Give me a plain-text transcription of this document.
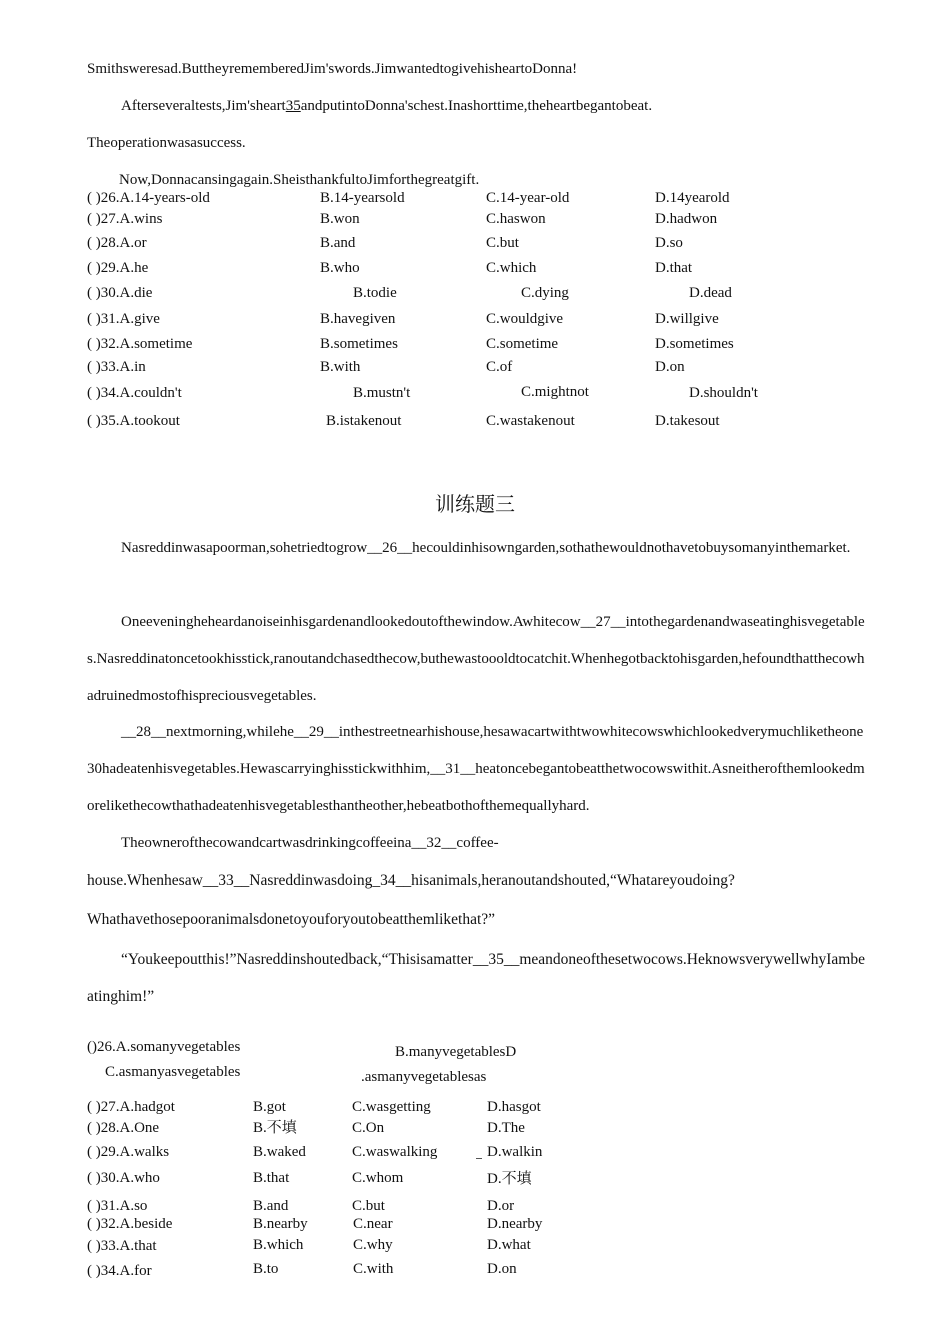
Smithsweresad.ButtheyrememberedJim'swords.JimwantedtogivehisheartoDonna!
Afterseveraltests,Jim'sheart35andputintoDonna'schest.Inashorttime,theheartbegantobeat.
Theoperationwasasuccess.
Now,Donnacansingagain.SheisthankfultoJimforthegreatgift.
( )26.A.14-years-old	B.14-yearsold	C.14-year-old	D.14yearold
( )27.A.wins	B.won	C.haswon	D.hadwon
( )28.A.or	B.and	C.but	D.so
( )29.A.he	B.who	C.which	D.that
( )30.A.die	B.todie	C.dying	D.dead
( )31.A.give	B.havegiven	C.wouldgive	D.willgive
( )32.A.sometime	B.sometimes	C.sometime	D.sometimes
( )33.A.in	B.with	C.of	D.on
( )34.A.couldn't	B.mustn't	C.mightnot	D.shouldn't
( )35.A.tookout	B.istakenout	C.wastakenout	D.takesout
训练题三
Nasreddinwasapoorman,sohetriedtogrow__26__hecouldinhisowngarden,sothathewouldnothavetobuysomanyinthemarket.
Oneeveningheheardanoiseinhisgardenandlookedoutofthewindow.Awhitecow__27__intothegardenandwaseatinghisvegetables.Nasreddinatoncetookhisstick,ranoutandchasedthecow,buthewastoooldtocatchit.Whenhegotbacktohisgarden,hefoundthatthecowhadruinedmostofhispreciousvegetables.
__28__nextmorning,whilehe__29__inthestreetnearhishouse,hesawacartwithtwowhitecowswhichlookedverymuchliketheone30hadeatenhisvegetables.Hewascarryinghisstickwithhim,__31__heatoncebegantobeatthetwocowswithit.Asneitherofthemlookedmorelikethecowthathadeatenhisvegetablesthantheother,hebeatbothofthemequallyhard.
Theownerofthecowandcartwasdrinkingcoffeeina__32__coffee-
house.Whenhesaw__33__Nasreddinwasdoing_34__hisanimals,heranoutandshouted,“Whatareyoudoing?
Whathavethosepooranimalsdonetoyouforyoutobeatthemlikethat?”
“Youkeepoutthis!”Nasreddinshoutedback,“Thisisamatter__35__meandoneofthesetwocows.HeknowsverywellwhyIambeatinghim!”
()26.A.somanyvegetables	B.manyvegetablesD
C.asmanyasvegetables	.asmanyvegetablesas
( )27.A.hadgot	B.got	C.wasgetting	D.hasgot
( )28.A.One	B.不填	C.On	D.The
( )29.A.walks	B.waked	C.waswalking	D.walkin
( )30.A.who	B.that	C.whom	D.不填
( )31.A.so	B.and	C.but	D.or
( )32.A.beside	B.nearby	C.near	D.nearby
( )33.A.that	B.which	C.why	D.what
( )34.A.for	B.to	C.with	D.on
